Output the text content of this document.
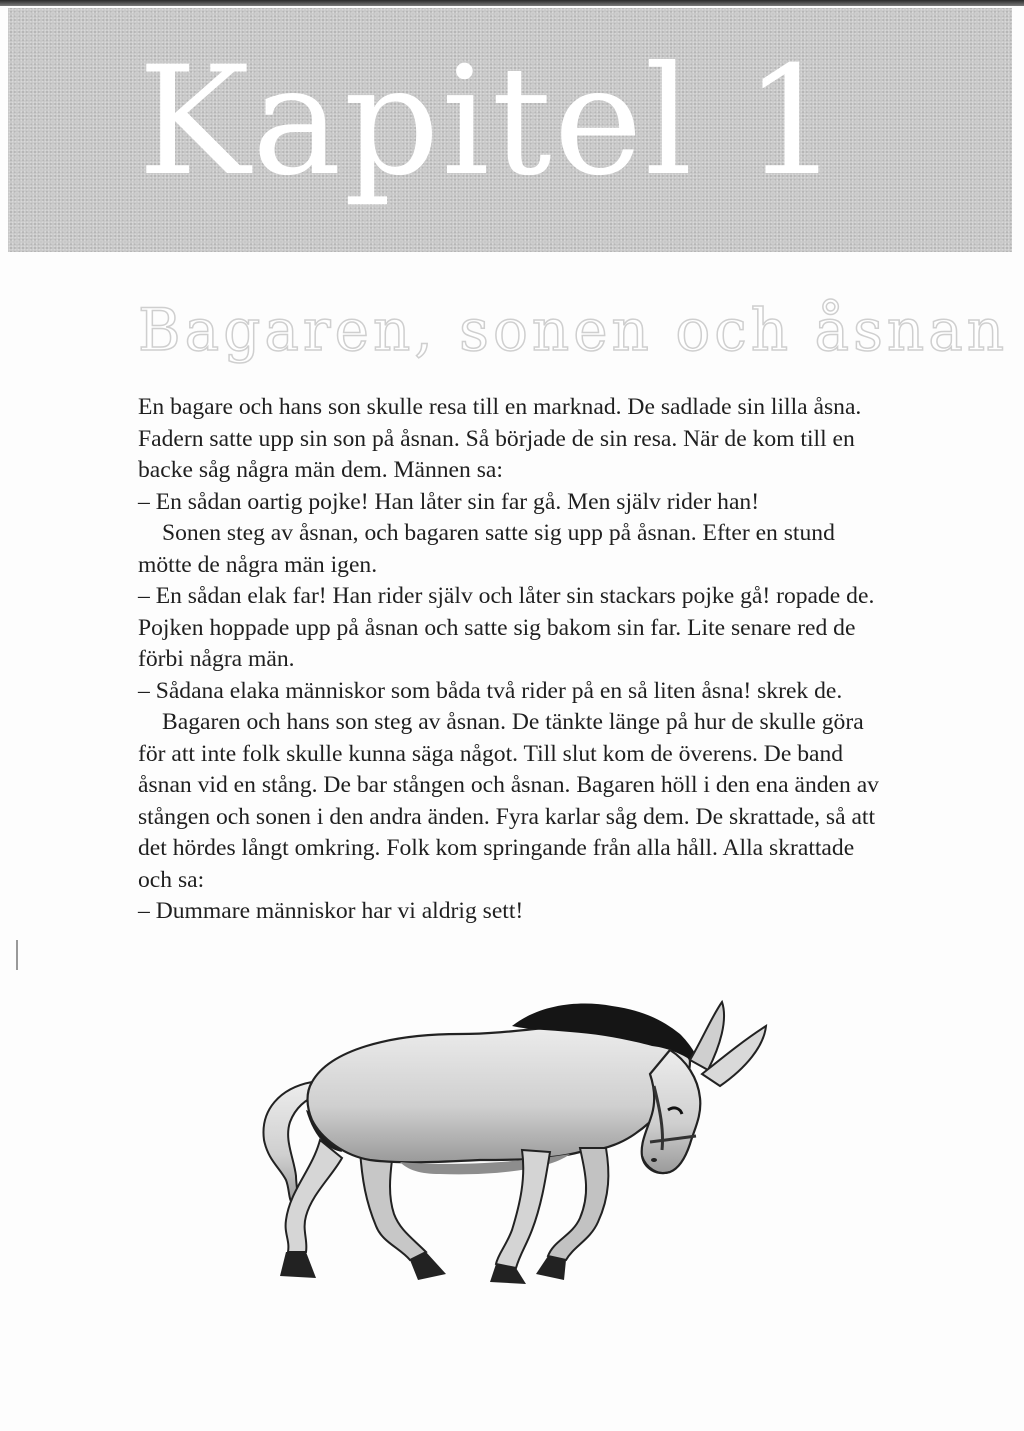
Kapitel 1
Bagaren, sonen och åsnan
En bagare och hans son skulle resa till en marknad. De sadlade sin lilla åsna.
Fadern satte upp sin son på åsnan. Så började de sin resa. När de kom till en
backe såg några män dem. Männen sa:
– En sådan oartig pojke! Han låter sin far gå. Men själv rider han!
Sonen steg av åsnan, och bagaren satte sig upp på åsnan. Efter en stund
mötte de några män igen.
– En sådan elak far! Han rider själv och låter sin stackars pojke gå! ropade de.
Pojken hoppade upp på åsnan och satte sig bakom sin far. Lite senare red de
förbi några män.
– Sådana elaka människor som båda två rider på en så liten åsna! skrek de.
Bagaren och hans son steg av åsnan. De tänkte länge på hur de skulle göra
för att inte folk skulle kunna säga något. Till slut kom de överens. De band
åsnan vid en stång. De bar stången och åsnan. Bagaren höll i den ena änden av
stången och sonen i den andra änden. Fyra karlar såg dem. De skrattade, så att
det hördes långt omkring. Folk kom springande från alla håll. Alla skrattade
och sa:
– Dummare människor har vi aldrig sett!
